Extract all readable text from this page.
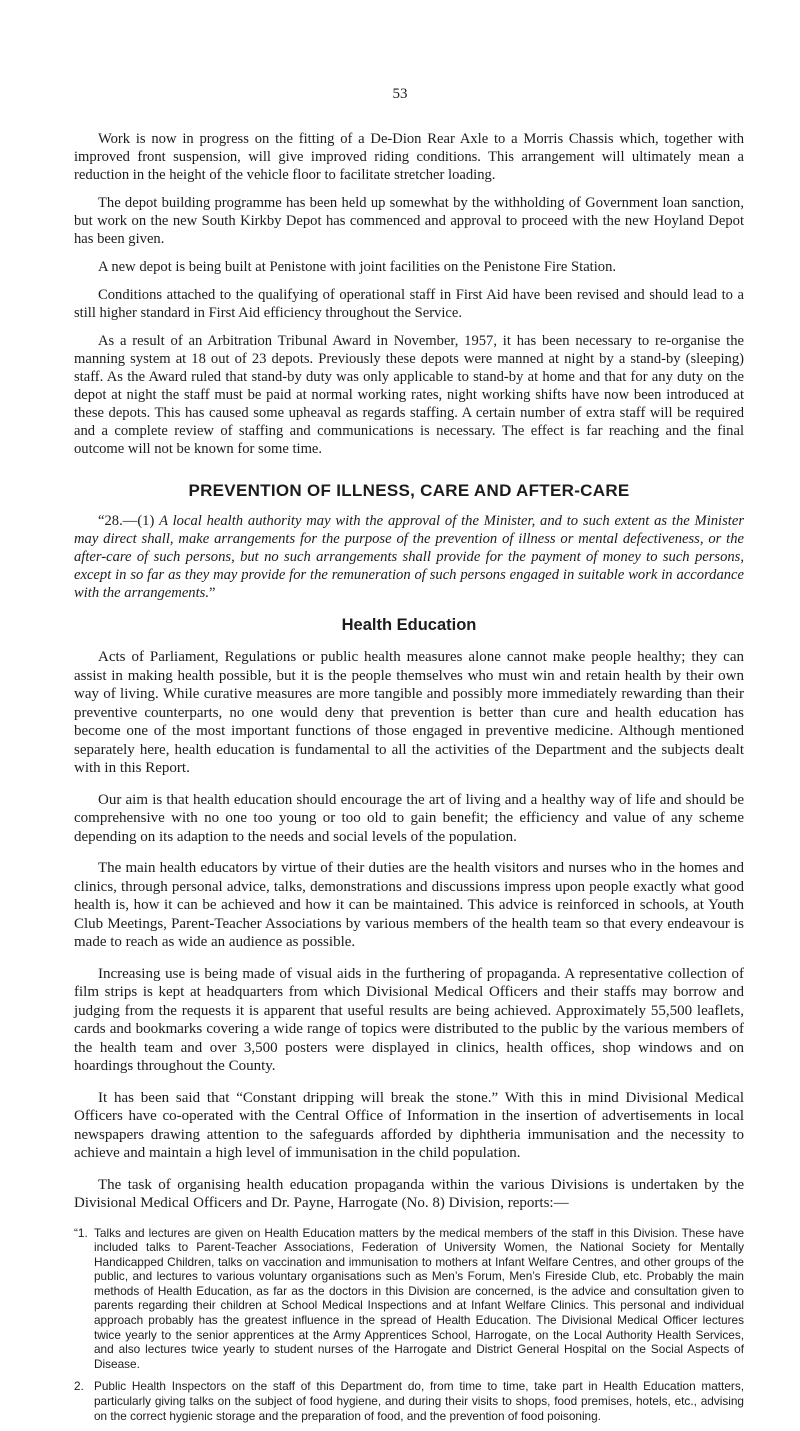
53

Work is now in progress on the fitting of a De-Dion Rear Axle to a Morris Chassis which, together with improved front suspension, will give improved riding conditions. This arrangement will ultimately mean a reduction in the height of the vehicle floor to facilitate stretcher loading.

The depot building programme has been held up somewhat by the withholding of Government loan sanction, but work on the new South Kirkby Depot has commenced and approval to proceed with the new Hoyland Depot has been given.

A new depot is being built at Penistone with joint facilities on the Penistone Fire Station.

Conditions attached to the qualifying of operational staff in First Aid have been revised and should lead to a still higher standard in First Aid efficiency throughout the Service.

As a result of an Arbitration Tribunal Award in November, 1957, it has been necessary to re-organise the manning system at 18 out of 23 depots. Previously these depots were manned at night by a stand-by (sleeping) staff. As the Award ruled that stand-by duty was only applicable to stand-by at home and that for any duty on the depot at night the staff must be paid at normal working rates, night working shifts have now been introduced at these depots. This has caused some upheaval as regards staffing. A certain number of extra staff will be required and a complete review of staffing and communications is necessary. The effect is far reaching and the final outcome will not be known for some time.

PREVENTION OF ILLNESS, CARE AND AFTER-CARE

“28.—(1) A local health authority may with the approval of the Minister, and to such extent as the Minister may direct shall, make arrangements for the purpose of the prevention of illness or mental defectiveness, or the after-care of such persons, but no such arrangements shall provide for the payment of money to such persons, except in so far as they may provide for the remuneration of such persons engaged in suitable work in accordance with the arrangements.”

Health Education

Acts of Parliament, Regulations or public health measures alone cannot make people healthy; they can assist in making health possible, but it is the people themselves who must win and retain health by their own way of living. While curative measures are more tangible and possibly more immediately rewarding than their preventive counterparts, no one would deny that prevention is better than cure and health education has become one of the most important functions of those engaged in preventive medicine. Although mentioned separately here, health education is fundamental to all the activities of the Department and the subjects dealt with in this Report.

Our aim is that health education should encourage the art of living and a healthy way of life and should be comprehensive with no one too young or too old to gain benefit; the efficiency and value of any scheme depending on its adaption to the needs and social levels of the population.

The main health educators by virtue of their duties are the health visitors and nurses who in the homes and clinics, through personal advice, talks, demonstrations and discussions impress upon people exactly what good health is, how it can be achieved and how it can be maintained. This advice is reinforced in schools, at Youth Club Meetings, Parent-Teacher Associations by various members of the health team so that every endeavour is made to reach as wide an audience as possible.

Increasing use is being made of visual aids in the furthering of propaganda. A representative collection of film strips is kept at headquarters from which Divisional Medical Officers and their staffs may borrow and judging from the requests it is apparent that useful results are being achieved. Approximately 55,500 leaflets, cards and bookmarks covering a wide range of topics were distributed to the public by the various members of the health team and over 3,500 posters were displayed in clinics, health offices, shop windows and on hoardings throughout the County.

It has been said that “Constant dripping will break the stone.” With this in mind Divisional Medical Officers have co-operated with the Central Office of Information in the insertion of advertisements in local newspapers drawing attention to the safeguards afforded by diphtheria immunisation and the necessity to achieve and maintain a high level of immunisation in the child population.

The task of organising health education propaganda within the various Divisions is undertaken by the Divisional Medical Officers and Dr. Payne, Harrogate (No. 8) Division, reports:—

“1. Talks and lectures are given on Health Education matters by the medical members of the staff in this Division. These have included talks to Parent-Teacher Associations, Federation of University Women, the National Society for Mentally Handicapped Children, talks on vaccination and immunisation to mothers at Infant Welfare Centres, and other groups of the public, and lectures to various voluntary organisations such as Men’s Forum, Men’s Fireside Club, etc. Probably the main methods of Health Education, as far as the doctors in this Division are concerned, is the advice and consultation given to parents regarding their children at School Medical Inspections and at Infant Welfare Clinics. This personal and individual approach probably has the greatest influence in the spread of Health Education. The Divisional Medical Officer lectures twice yearly to the senior apprentices at the Army Apprentices School, Harrogate, on the Local Authority Health Services, and also lectures twice yearly to student nurses of the Harrogate and District General Hospital on the Social Aspects of Disease.
2. Public Health Inspectors on the staff of this Department do, from time to time, take part in Health Education matters, particularly giving talks on the subject of food hygiene, and during their visits to shops, food premises, hotels, etc., advising on the correct hygienic storage and the preparation of food, and the prevention of food poisoning.
